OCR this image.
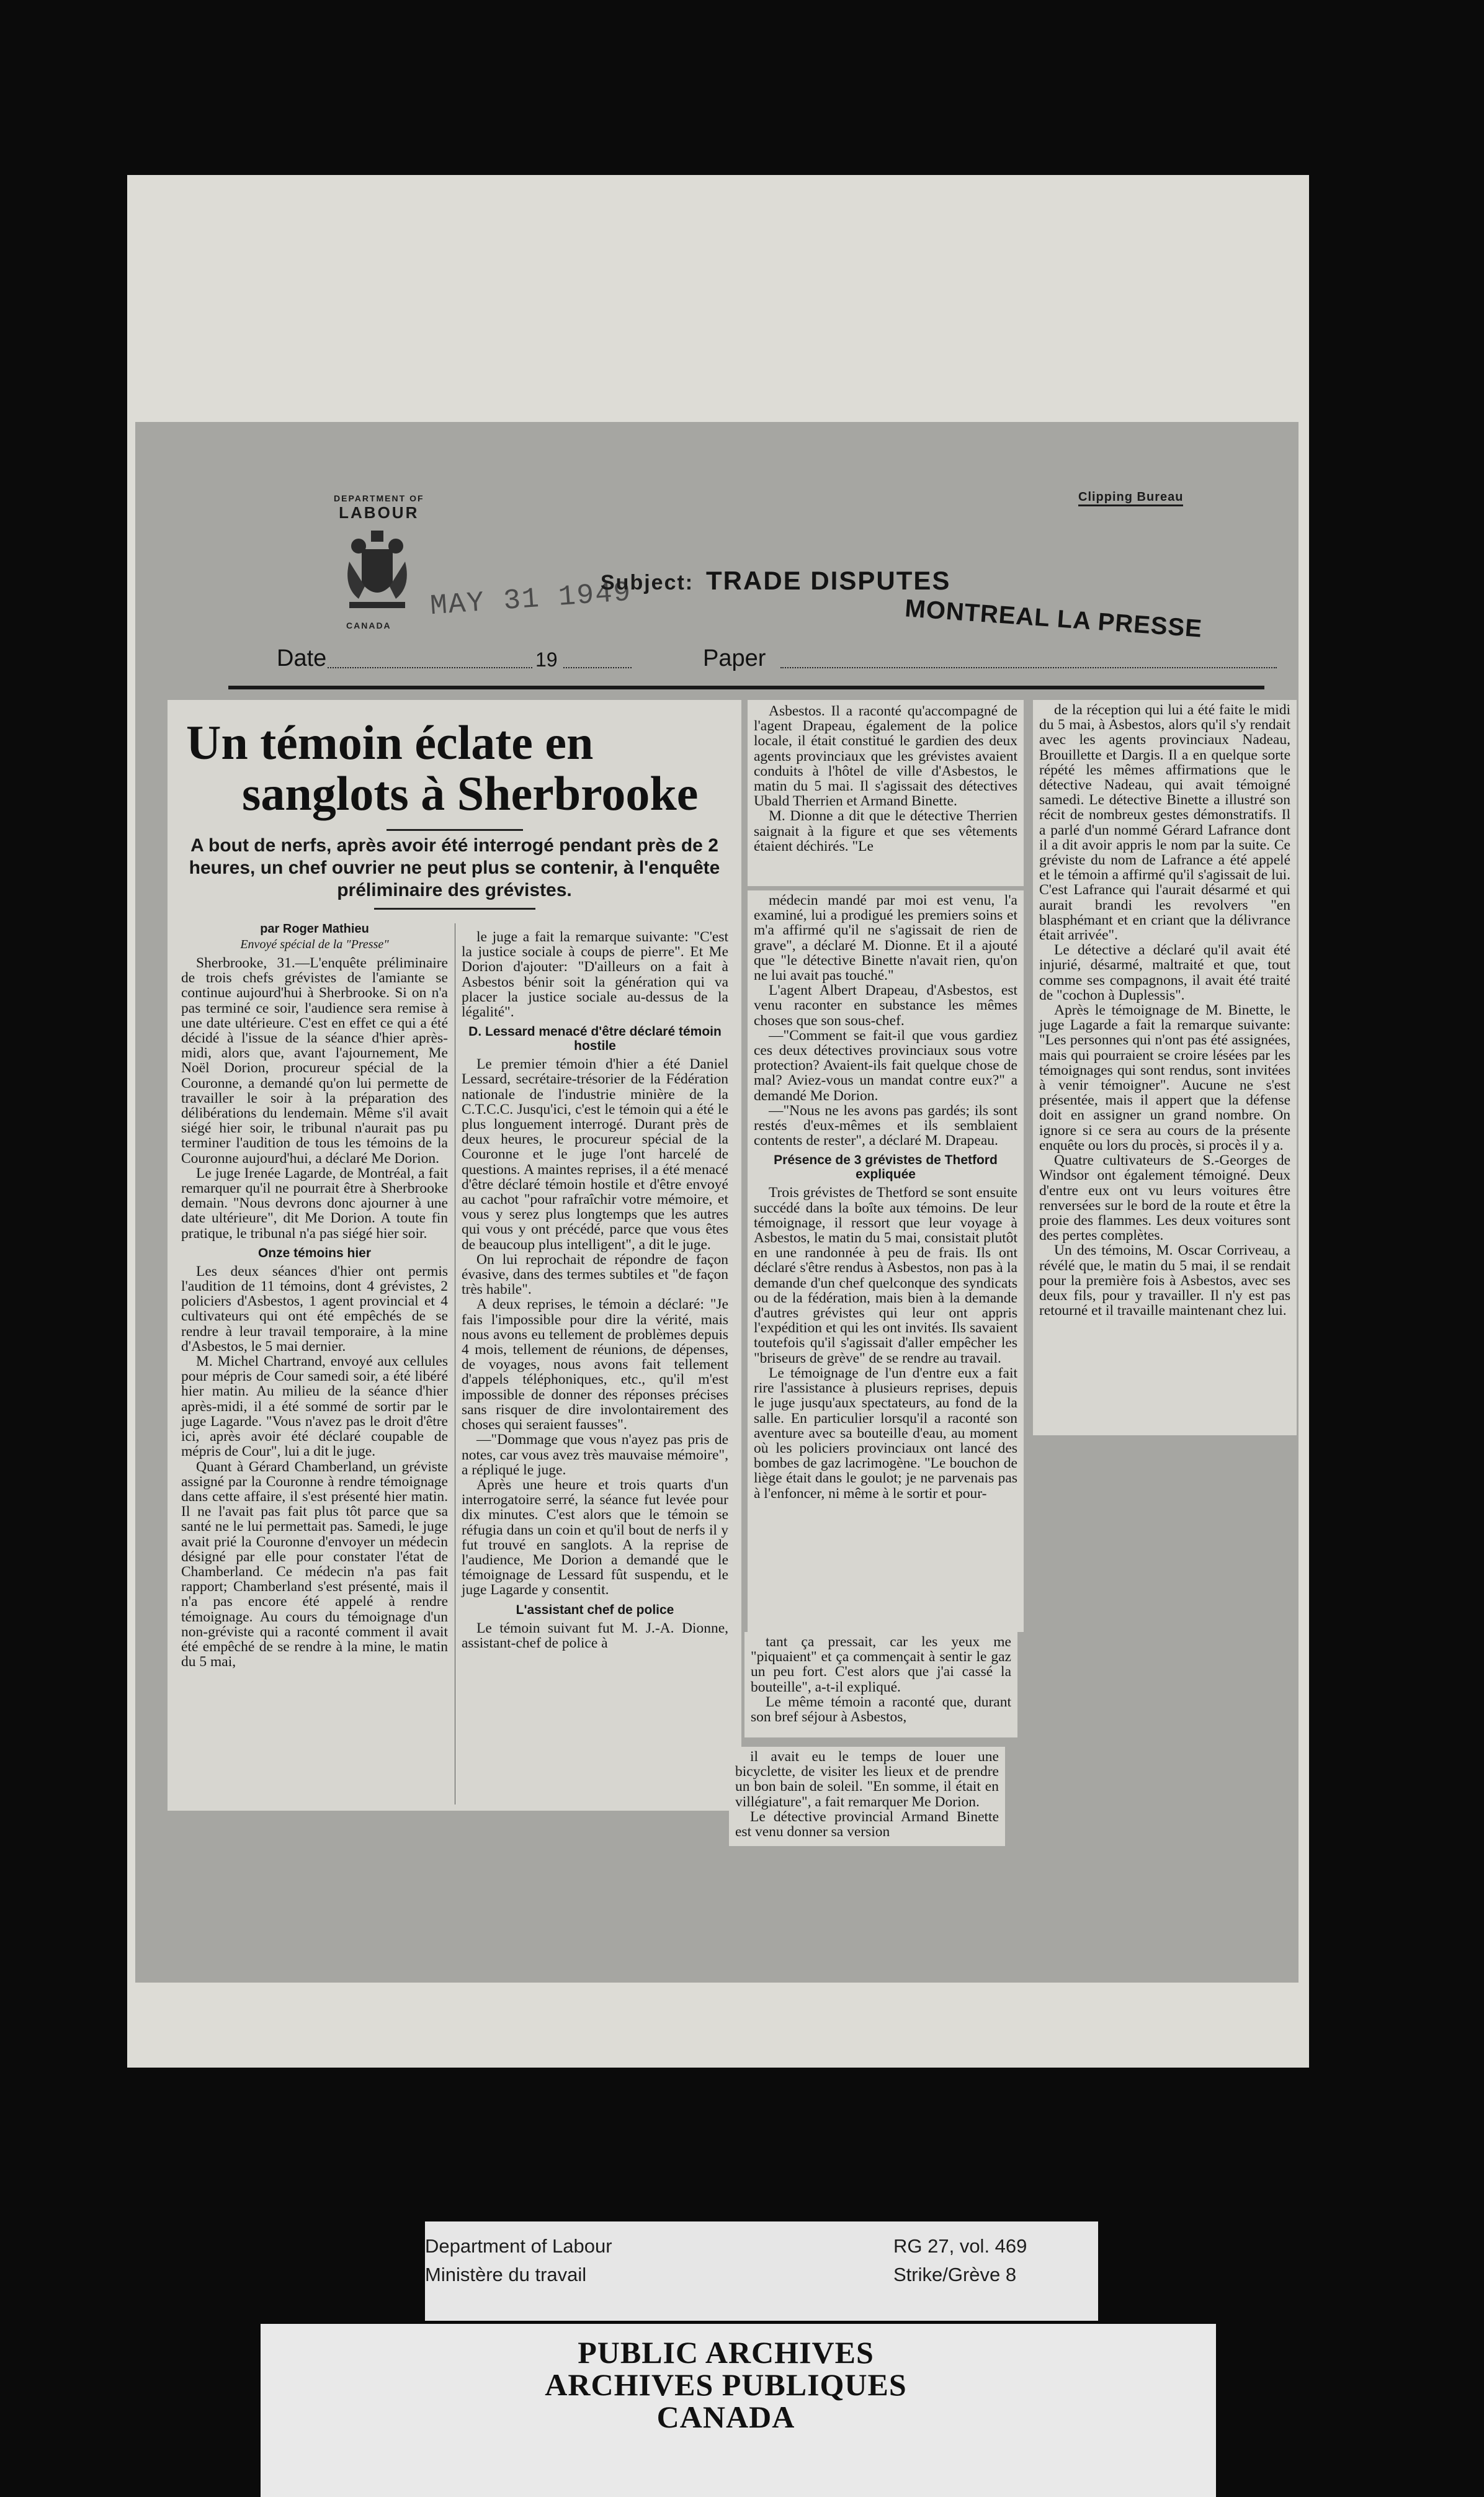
DEPARTMENT OF
LABOUR
CANADA
Clipping Bureau
MAY 31 1949
Subject: TRADE DISPUTES
MONTREAL LA PRESSE
Date	19	Paper
Un témoin éclate en
sanglots à Sherbrooke
A bout de nerfs, après avoir été interrogé pendant près de 2 heures, un chef ouvrier ne peut plus se contenir, à l'enquête préliminaire des grévistes.
par Roger Mathieu
Envoyé spécial de la "Presse"

Sherbrooke, 31.—L'enquête préliminaire de trois chefs grévistes de l'amiante se continue aujourd'hui à Sherbrooke. Si on n'a pas terminé ce soir, l'audience sera remise à une date ultérieure. C'est en effet ce qui a été décidé à l'issue de la séance d'hier après-midi, alors que, avant l'ajournement, Me Noël Dorion, procureur spécial de la Couronne, a demandé qu'on lui permette de travailler le soir à la préparation des délibérations du lendemain. Même s'il avait siégé hier soir, le tribunal n'aurait pas pu terminer l'audition de tous les témoins de la Couronne aujourd'hui, a déclaré Me Dorion.

Le juge Irenée Lagarde, de Montréal, a fait remarquer qu'il ne pourrait être à Sherbrooke demain. "Nous devrons donc ajourner à une date ultérieure", dit Me Dorion. A toute fin pratique, le tribunal n'a pas siégé hier soir.

Onze témoins hier

Les deux séances d'hier ont permis l'audition de 11 témoins, dont 4 grévistes, 2 policiers d'Asbestos, 1 agent provincial et 4 cultivateurs qui ont été empêchés de se rendre à leur travail temporaire, à la mine d'Asbestos, le 5 mai dernier.

M. Michel Chartrand, envoyé aux cellules pour mépris de Cour samedi soir, a été libéré hier matin. Au milieu de la séance d'hier après-midi, il a été sommé de sortir par le juge Lagarde. "Vous n'avez pas le droit d'être ici, après avoir été déclaré coupable de mépris de Cour", lui a dit le juge.

Quant à Gérard Chamberland, un gréviste assigné par la Couronne à rendre témoignage dans cette affaire, il s'est présenté hier matin. Il ne l'avait pas fait plus tôt parce que sa santé ne le lui permettait pas. Samedi, le juge avait prié la Couronne d'envoyer un médecin désigné par elle pour constater l'état de Chamberland. Ce médecin n'a pas fait rapport; Chamberland s'est présenté, mais il n'a pas encore été appelé à rendre témoignage. Au cours du témoignage d'un non-gréviste qui a raconté comment il avait été empêché de se rendre à la mine, le matin du 5 mai,

le juge a fait la remarque suivante: "C'est la justice sociale à coups de pierre". Et Me Dorion d'ajouter: "D'ailleurs on a fait à Asbestos bénir soit la génération qui va placer la justice sociale au-dessus de la légalité".

D. Lessard menacé d'être déclaré témoin hostile

Le premier témoin d'hier a été Daniel Lessard, secrétaire-trésorier de la Fédération nationale de l'industrie minière de la C.T.C.C. Jusqu'ici, c'est le témoin qui a été le plus longuement interrogé. Durant près de deux heures, le procureur spécial de la Couronne et le juge l'ont harcelé de questions. A maintes reprises, il a été menacé d'être déclaré témoin hostile et d'être envoyé au cachot "pour rafraîchir votre mémoire, et vous y serez plus longtemps que les autres qui vous y ont précédé, parce que vous êtes de beaucoup plus intelligent", a dit le juge.

On lui reprochait de répondre de façon évasive, dans des termes subtiles et "de façon très habile".

A deux reprises, le témoin a déclaré: "Je fais l'impossible pour dire la vérité, mais nous avons eu tellement de problèmes depuis 4 mois, tellement de réunions, de dépenses, de voyages, nous avons fait tellement d'appels téléphoniques, etc., qu'il m'est impossible de donner des réponses précises sans risquer de dire involontairement des choses qui seraient fausses".

—"Dommage que vous n'ayez pas pris de notes, car vous avez très mauvaise mémoire", a répliqué le juge.

Après une heure et trois quarts d'un interrogatoire serré, la séance fut levée pour dix minutes. C'est alors que le témoin se réfugia dans un coin et qu'il bout de nerfs il y fut trouvé en sanglots. A la reprise de l'audience, Me Dorion a demandé que le témoignage de Lessard fût suspendu, et le juge Lagarde y consentit.

L'assistant chef de police

Le témoin suivant fut M. J.-A. Dionne, assistant-chef de police à

Asbestos. Il a raconté qu'accompagné de l'agent Drapeau, également de la police locale, il était constitué le gardien des deux agents provinciaux que les grévistes avaient conduits à l'hôtel de ville d'Asbestos, le matin du 5 mai. Il s'agissait des détectives Ubald Therrien et Armand Binette.

M. Dionne a dit que le détective Therrien saignait à la figure et que ses vêtements étaient déchirés. "Le

médecin mandé par moi est venu, l'a examiné, lui a prodigué les premiers soins et m'a affirmé qu'il ne s'agissait de rien de grave", a déclaré M. Dionne. Et il a ajouté que "le détective Binette n'avait rien, qu'on ne lui avait pas touché."

L'agent Albert Drapeau, d'Asbestos, est venu raconter en substance les mêmes choses que son sous-chef.

—"Comment se fait-il que vous gardiez ces deux détectives provinciaux sous votre protection? Avaient-ils fait quelque chose de mal? Aviez-vous un mandat contre eux?" a demandé Me Dorion.

—"Nous ne les avons pas gardés; ils sont restés d'eux-mêmes et ils semblaient contents de rester", a déclaré M. Drapeau.

Présence de 3 grévistes de Thetford expliquée

Trois grévistes de Thetford se sont ensuite succédé dans la boîte aux témoins. De leur témoignage, il ressort que leur voyage à Asbestos, le matin du 5 mai, consistait plutôt en une randonnée à peu de frais. Ils ont déclaré s'être rendus à Asbestos, non pas à la demande d'un chef quelconque des syndicats ou de la fédération, mais bien à la demande d'autres grévistes qui leur ont appris l'expédition et qui les ont invités. Ils savaient toutefois qu'il s'agissait d'aller empêcher les "briseurs de grève" de se rendre au travail.

Le témoignage de l'un d'entre eux a fait rire l'assistance à plusieurs reprises, depuis le juge jusqu'aux spectateurs, au fond de la salle. En particulier lorsqu'il a raconté son aventure avec sa bouteille d'eau, au moment où les policiers provinciaux ont lancé des bombes de gaz lacrimogène. "Le bouchon de liège était dans le goulot; je ne parvenais pas à l'enfoncer, ni même à le sortir et pour-

tant ça pressait, car les yeux me "piquaient" et ça commençait à sentir le gaz un peu fort. C'est alors que j'ai cassé la bouteille", a-t-il expliqué.

Le même témoin a raconté que, durant son bref séjour à Asbestos,

il avait eu le temps de louer une bicyclette, de visiter les lieux et de prendre un bon bain de soleil. "En somme, il était en villégiature", a fait remarquer Me Dorion.

Le détective provincial Armand Binette est venu donner sa version

de la réception qui lui a été faite le midi du 5 mai, à Asbestos, alors qu'il s'y rendait avec les agents provinciaux Nadeau, Brouillette et Dargis. Il a en quelque sorte répété les mêmes affirmations que le détective Nadeau, qui avait témoigné samedi. Le détective Binette a illustré son récit de nombreux gestes démonstratifs. Il a parlé d'un nommé Gérard Lafrance dont il a dit avoir appris le nom par la suite. Ce gréviste du nom de Lafrance a été appelé et le témoin a affirmé qu'il s'agissait de lui. C'est Lafrance qui l'aurait désarmé et qui aurait brandi les revolvers "en blasphémant et en criant que la délivrance était arrivée".

Le détective a déclaré qu'il avait été injurié, désarmé, maltraité et que, tout comme ses compagnons, il avait été traité de "cochon à Duplessis".

Après le témoignage de M. Binette, le juge Lagarde a fait la remarque suivante: "Les personnes qui n'ont pas été assignées, mais qui pourraient se croire lésées par les témoignages qui sont rendus, sont invitées à venir témoigner". Aucune ne s'est présentée, mais il appert que la défense doit en assigner un grand nombre. On ignore si ce sera au cours de la présente enquête ou lors du procès, si procès il y a.

Quatre cultivateurs de S.-Georges de Windsor ont également témoigné. Deux d'entre eux ont vu leurs voitures être renversées sur le bord de la route et être la proie des flammes. Les deux voitures sont des pertes complètes.

Un des témoins, M. Oscar Corriveau, a révélé que, le matin du 5 mai, il se rendait pour la première fois à Asbestos, avec ses deux fils, pour y travailler. Il n'y est pas retourné et il travaille maintenant chez lui.

Department of Labour
Ministère du travail
RG 27, vol. 469
Strike/Grève 8
PUBLIC ARCHIVES
ARCHIVES PUBLIQUES
CANADA
